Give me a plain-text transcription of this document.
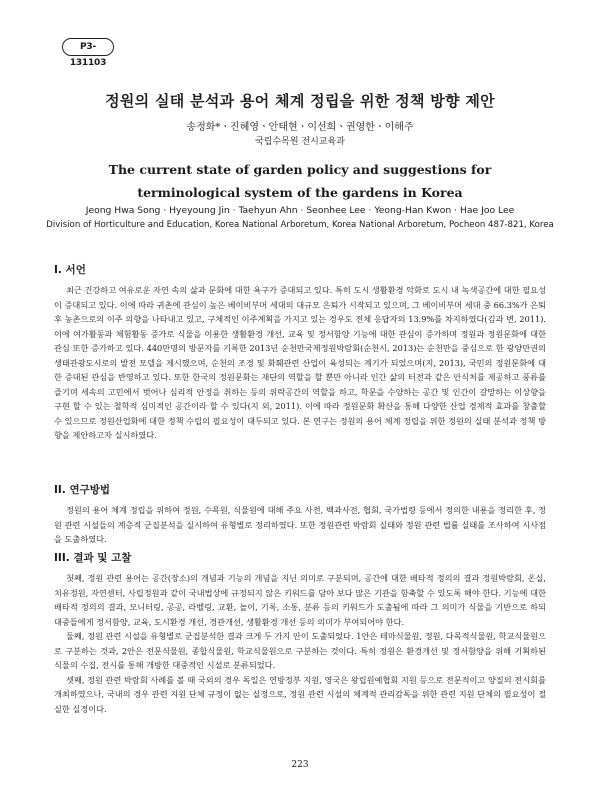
P3-131103
정원의 실태 분석과 용어 체계 정립을 위한 정책 방향 제안
송정화*ㆍ진혜영ㆍ안태현ㆍ이선희ㆍ권영한ㆍ이해주
국립수목원 전시교육과
The current state of garden policy and suggestions for terminological system of the gardens in Korea
Jeong Hwa Song · Hyeyoung Jin · Taehyun Ahn · Seonhee Lee · Yeong-Han Kwon · Hae Joo Lee
Division of Horticulture and Education, Korea National Arboretum, Korea National Arboretum, Pocheon 487-821, Korea
I. 서언

최근 건강하고 여유로운 자연 속의 삶과 문화에 대한 욕구가 증대되고 있다. 특히 도시 생활환경 악화로 도시 내 녹색공간에 대한 필요성이 증대되고 있다. 이에 따라 귀촌에 관심이 높은 베이비부머 세대의 대규모 은퇴가 시작되고 있으며, 그 베이비부머 세대 중 66.3%가 은퇴 후 농촌으로의 이주 의향을 나타내고 있고, 구체적인 이주계획을 가지고 있는 경우도 전체 응답자의 13.9%를 차지하였다(김과 변, 2011). 이에 여가활동과 체험활동 증가로 식물을 이용한 생활환경 개선, 교육 및 정서함양 기능에 대한 관심이 증가하며 정원과 정원문화에 대한 관심 또한 증가하고 있다. 440만명의 방문자를 기록한 2013년 순천만국제정원박람회(순천시, 2013)는 순천만을 중심으로 한 광양만권의 생태관광도시로의 발전 모델을 제시했으며, 순천의 조경 및 화훼관련 산업이 육성되는 계기가 되었으며(지, 2013), 국민의 정원문화에 대한 증대된 관심을 반영하고 있다. 또한 한국의 정원문화는 재단의 역할을 할 뿐만 아니라 인간 삶의 터전과 같은 안식처를 제공하고 풍류를 즐기며 세속의 고민에서 벗어나 심리적 안정을 취하는 등의 위락공간의 역할을 하고, 학문을 수양하는 공간 및 인간이 갈망하는 이상향을 구현 할 수 있는 철학적 심미적인 공간이라 할 수 있다(지 외, 2011). 이에 따라 정원문화 확산을 통해 다양한 산업 경제적 효과를 창출할 수 있으므로 정원산업화에 대한 정책 수립의 필요성이 대두되고 있다. 본 연구는 정원의 용어 체계 정립을 위한 정원의 실태 분석과 정책 방향을 제안하고자 실시하였다.

II. 연구방법

정원의 용어 체계 정립을 위하여 정원, 수목원, 식물원에 대해 주요 사전, 백과사전, 협회, 국가법령 등에서 정의한 내용을 정리한 후, 정원 관련 시설들의 계층적 군집분석을 실시하여 유형별로 정리하였다. 또한 정원관련 박람회 실태와 정원 관련 법률 실태를 조사하여 시사점을 도출하였다.

III. 결과 및 고찰

첫째, 정원 관련 용어는 공간(장소)의 개념과 기능의 개념을 지닌 의미로 구분되며, 공간에 대한 배타적 정의의 결과 정원박람회, 온실, 치유정원, 자연센터, 사립정원과 같이 국내법상에 규정되지 않은 키워드를 담아 보다 많은 기관을 함축할 수 있도록 해야 한다. 기능에 대한 배타적 정의의 결과, 모니터링, 공공, 라벨링, 교환, 놀이, 기록, 소통, 분류 등의 키워드가 도출됨에 따라 그 의미가 식물을 기반으로 하되 대중들에게 정서함양, 교육, 도시환경 개선, 경관개선, 생활환경 개선 등의 의미가 부여되어야 한다.

둘째, 정원 관련 시설을 유형별로 군집분석한 결과 크게 두 가지 안이 도출되었다. 1안은 테마식물원, 정원, 다목적식물원, 학교식물원으로 구분하는 것과, 2안은 전문식물원, 종합식물원, 학교식물원으로 구분하는 것이다. 특히 정원은 환경개선 및 정서함양을 위해 기획하된 식물의 수집, 전시를 통해 개방한 대중적인 시설로 분류되었다.

셋째, 정원 관련 박람회 사례를 볼 때 국외의 경우 독일은 연방정부 지원, 영국은 왕립원예협회 지원 등으로 전문적이고 양질의 전시회를 개최하였으나, 국내의 경우 관련 지원 단체 규정이 없는 실정으로, 정원 관련 시설의 체계적 관리감독을 위한 관련 지원 단체의 필요성이 절실한 실정이다.

223
